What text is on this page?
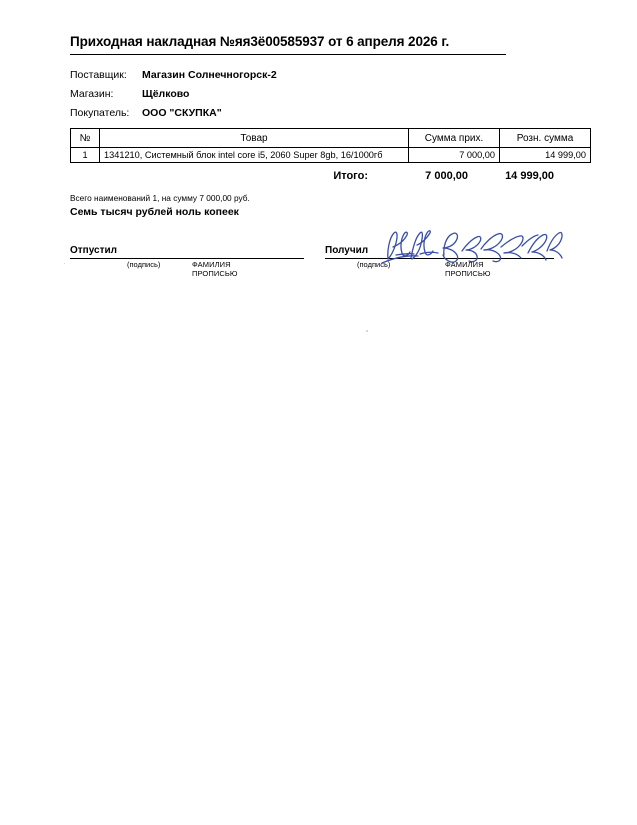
Приходная накладная №яя3ё00585937 от 6 апреля 2026 г.
Поставщик:	Магазин Солнечногорск-2
Магазин:	Щёлково
Покупатель:	ООО "СКУПКА"
№	Товар	Сумма прих.	Розн. сумма
1	1341210, Системный блок intel core i5, 2060 Super 8gb, 16/1000гб	7 000,00	14 999,00
Итого:	7 000,00	14 999,00
Всего наименований 1, на сумму 7 000,00 руб.
Семь тысяч рублей ноль копеек
Отпустил
(подпись)	ФАМИЛИЯ ПРОПИСЬЮ
Получил
(подпись)	ФАМИЛИЯ ПРОПИСЬЮ
